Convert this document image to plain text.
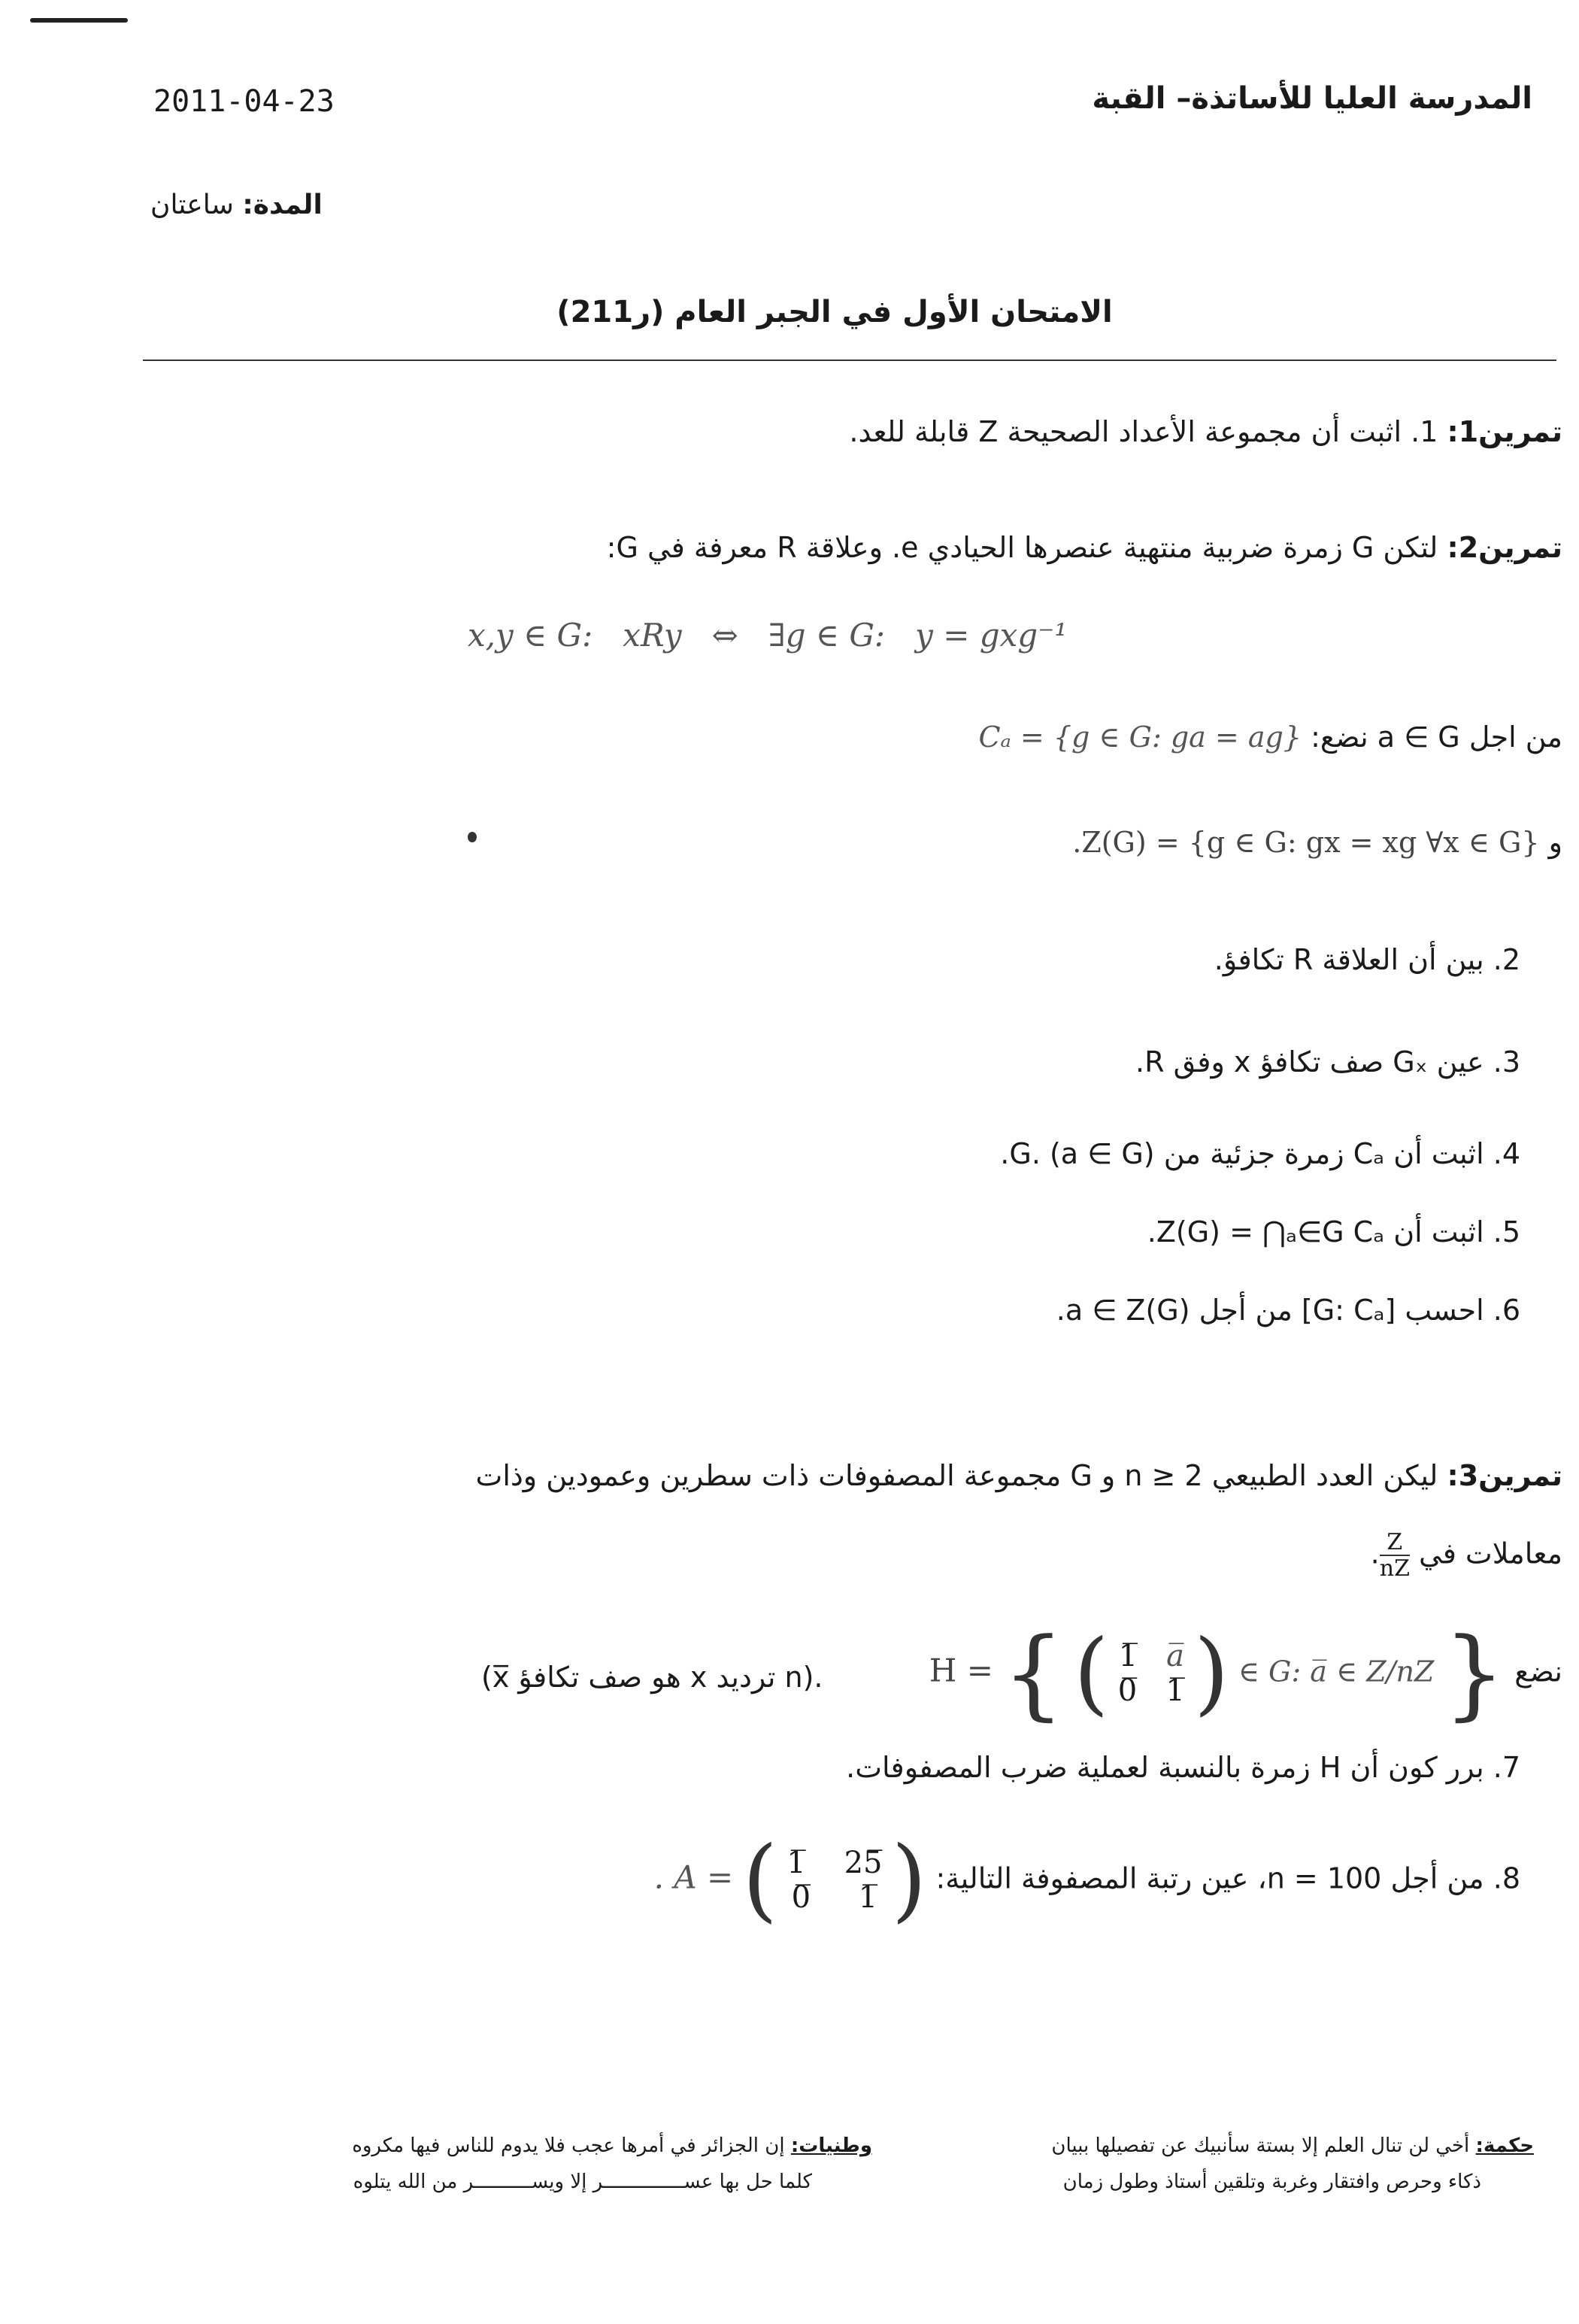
المدرسة العليا للأساتذة– القبة
2011-04-23
المدة: ساعتان
الامتحان الأول في الجبر العام (ر211)
تمرين1: 1. اثبت أن مجموعة الأعداد الصحيحة Z قابلة للعد.
تمرين2: لتكن G زمرة ضربية منتهية عنصرها الحيادي e. وعلاقة R معرفة في G:
x,y ∈ G:   xRy   ⇔   ∃g ∈ G:   y = gxg⁻¹
من اجل a ∈ G نضع: Cₐ = {g ∈ G: ga = ag}
و .Z(G) = {g ∈ G: gx = xg ∀x ∈ G}
2. بين أن العلاقة R تكافؤ.
3. عين Gₓ صف تكافؤ x وفق R.
4. اثبت أن Cₐ زمرة جزئية من G. (a ∈ G).
5. اثبت أن Z(G) = ⋂ₐ∈G Cₐ.
6. احسب [G: Cₐ] من أجل a ∈ Z(G).
تمرين3: ليكن العدد الطبيعي n ≥ 2 و G مجموعة المصفوفات ذات سطرين وعمودين وذات
معاملات في
$\frac{Z}{nZ}$
.
نضع H = { ( 1̅ a̅
0̅ 1̅ ) ∈ G: a̅ ∈ Z/nZ }
(x̅ هو صف تكافؤ x ترديد n).
7. برر كون أن H زمرة بالنسبة لعملية ضرب المصفوفات.
8. من أجل n = 100، عين رتبة المصفوفة التالية: . A = ( 1̅ 25̅
0̅ 1̅ )
حكمة: أخي لن تنال العلم إلا بستة سأنبيك عن تفصيلها ببيان
ذكاء وحرص وافتقار وغربة وتلقين أستاذ وطول زمان
وطنيات: إن الجزائر في أمرها عجب فلا يدوم للناس فيها مكروه
كلما حل بها عســــــــــــــر إلا ويســــــــــر من الله يتلوه
